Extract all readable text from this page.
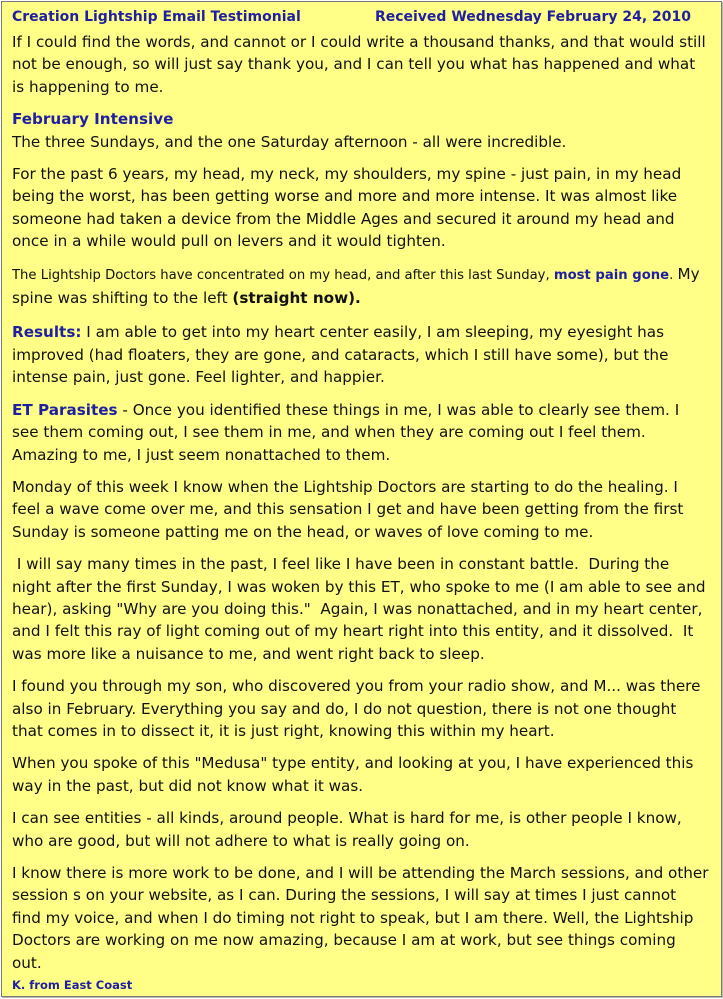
Creation Lightship Email Testimonial	Received Wednesday February 24, 2010

If I could find the words, and cannot or I could write a thousand thanks, and that would still not be enough, so will just say thank you, and I can tell you what has happened and what is happening to me.

February Intensive
The three Sundays, and the one Saturday afternoon - all were incredible.

For the past 6 years, my head, my neck, my shoulders, my spine - just pain, in my head being the worst, has been getting worse and more and more intense. It was almost like someone had taken a device from the Middle Ages and secured it around my head and once in a while would pull on levers and it would tighten.

The Lightship Doctors have concentrated on my head, and after this last Sunday, most pain gone. My spine was shifting to the left (straight now).

Results: I am able to get into my heart center easily, I am sleeping, my eyesight has improved (had floaters, they are gone, and cataracts, which I still have some), but the intense pain, just gone. Feel lighter, and happier.

ET Parasites - Once you identified these things in me, I was able to clearly see them. I see them coming out, I see them in me, and when they are coming out I feel them. Amazing to me, I just seem nonattached to them.

Monday of this week I know when the Lightship Doctors are starting to do the healing. I feel a wave come over me, and this sensation I get and have been getting from the first Sunday is someone patting me on the head, or waves of love coming to me.

I will say many times in the past, I feel like I have been in constant battle.  During the night after the first Sunday, I was woken by this ET, who spoke to me (I am able to see and hear), asking "Why are you doing this."  Again, I was nonattached, and in my heart center, and I felt this ray of light coming out of my heart right into this entity, and it dissolved.  It was more like a nuisance to me, and went right back to sleep.

I found you through my son, who discovered you from your radio show, and M... was there also in February. Everything you say and do, I do not question, there is not one thought that comes in to dissect it, it is just right, knowing this within my heart.

When you spoke of this "Medusa" type entity, and looking at you, I have experienced this way in the past, but did not know what it was.

I can see entities - all kinds, around people. What is hard for me, is other people I know, who are good, but will not adhere to what is really going on.

I know there is more work to be done, and I will be attending the March sessions, and other session s on your website, as I can. During the sessions, I will say at times I just cannot find my voice, and when I do timing not right to speak, but I am there. Well, the Lightship Doctors are working on me now amazing, because I am at work, but see things coming out.

K. from East Coast
